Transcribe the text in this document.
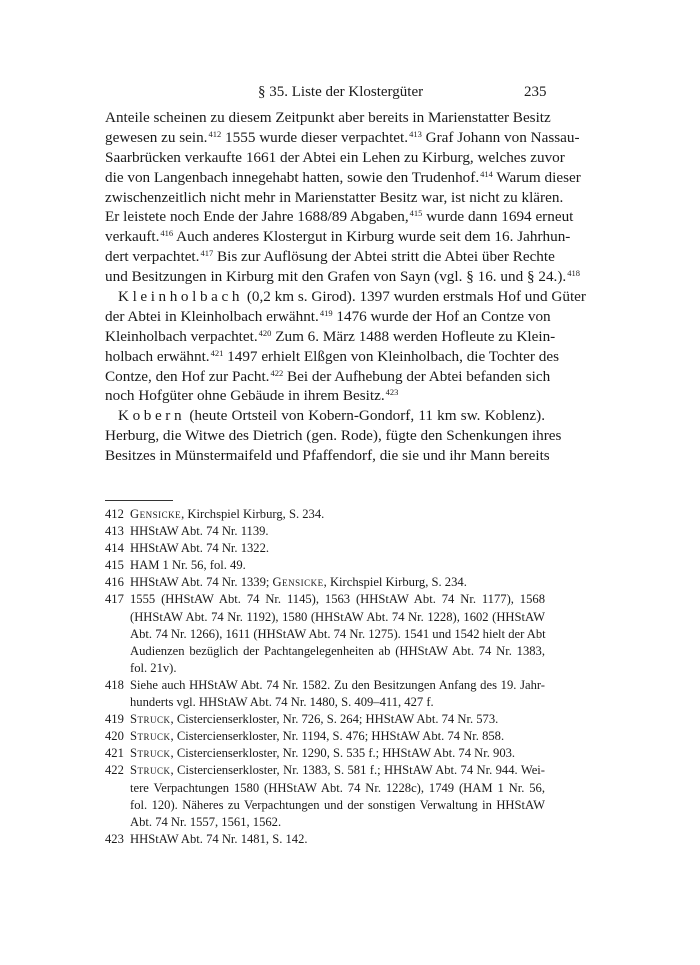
§ 35. Liste der Klostergüter	235
Anteile scheinen zu diesem Zeitpunkt aber bereits in Marienstatter Besitz
gewesen zu sein.$^{412}$ 1555 wurde dieser verpachtet.$^{413}$ Graf Johann von Nassau-
Saarbrücken verkaufte 1661 der Abtei ein Lehen zu Kirburg, welches zuvor
die von Langenbach innegehabt hatten, sowie den Trudenhof.$^{414}$ Warum dieser
zwischenzeitlich nicht mehr in Marienstatter Besitz war, ist nicht zu klären.
Er leistete noch Ende der Jahre 1688/89 Abgaben,$^{415}$ wurde dann 1694 erneut
verkauft.$^{416}$ Auch anderes Klostergut in Kirburg wurde seit dem 16. Jahrhun-
dert verpachtet.$^{417}$ Bis zur Auflösung der Abtei stritt die Abtei über Rechte
und Besitzungen in Kirburg mit den Grafen von Sayn (vgl. § 16. und § 24.).$^{418}$
Kleinholbach (0,2 km s. Girod). 1397 wurden erstmals Hof und Güter
der Abtei in Kleinholbach erwähnt.$^{419}$ 1476 wurde der Hof an Contze von
Kleinholbach verpachtet.$^{420}$ Zum 6. März 1488 werden Hofleute zu Klein-
holbach erwähnt.$^{421}$ 1497 erhielt Elßgen von Kleinholbach, die Tochter des
Contze, den Hof zur Pacht.$^{422}$ Bei der Aufhebung der Abtei befanden sich
noch Hofgüter ohne Gebäude in ihrem Besitz.$^{423}$
Kobern (heute Ortsteil von Kobern-Gondorf, 11 km sw. Koblenz).
Herburg, die Witwe des Dietrich (gen. Rode), fügte den Schenkungen ihres
Besitzes in Münstermaifeld und Pfaffendorf, die sie und ihr Mann bereits
412 Gensicke, Kirchspiel Kirburg, S. 234.
413 HHStAW Abt. 74 Nr. 1139.
414 HHStAW Abt. 74 Nr. 1322.
415 HAM 1 Nr. 56, fol. 49.
416 HHStAW Abt. 74 Nr. 1339; Gensicke, Kirchspiel Kirburg, S. 234.
417 1555 (HHStAW Abt. 74 Nr. 1145), 1563 (HHStAW Abt. 74 Nr. 1177), 1568
(HHStAW Abt. 74 Nr. 1192), 1580 (HHStAW Abt. 74 Nr. 1228), 1602 (HHStAW
Abt. 74 Nr. 1266), 1611 (HHStAW Abt. 74 Nr. 1275). 1541 und 1542 hielt der Abt
Audienzen bezüglich der Pachtangelegenheiten ab (HHStAW Abt. 74 Nr. 1383,
fol. 21v).
418 Siehe auch HHStAW Abt. 74 Nr. 1582. Zu den Besitzungen Anfang des 19. Jahr-
hunderts vgl. HHStAW Abt. 74 Nr. 1480, S. 409–411, 427 f.
419 Struck, Cistercienserkloster, Nr. 726, S. 264; HHStAW Abt. 74 Nr. 573.
420 Struck, Cistercienserkloster, Nr. 1194, S. 476; HHStAW Abt. 74 Nr. 858.
421 Struck, Cistercienserkloster, Nr. 1290, S. 535 f.; HHStAW Abt. 74 Nr. 903.
422 Struck, Cistercienserkloster, Nr. 1383, S. 581 f.; HHStAW Abt. 74 Nr. 944. Wei-
tere Verpachtungen 1580 (HHStAW Abt. 74 Nr. 1228c), 1749 (HAM 1 Nr. 56,
fol. 120). Näheres zu Verpachtungen und der sonstigen Verwaltung in HHStAW
Abt. 74 Nr. 1557, 1561, 1562.
423 HHStAW Abt. 74 Nr. 1481, S. 142.
